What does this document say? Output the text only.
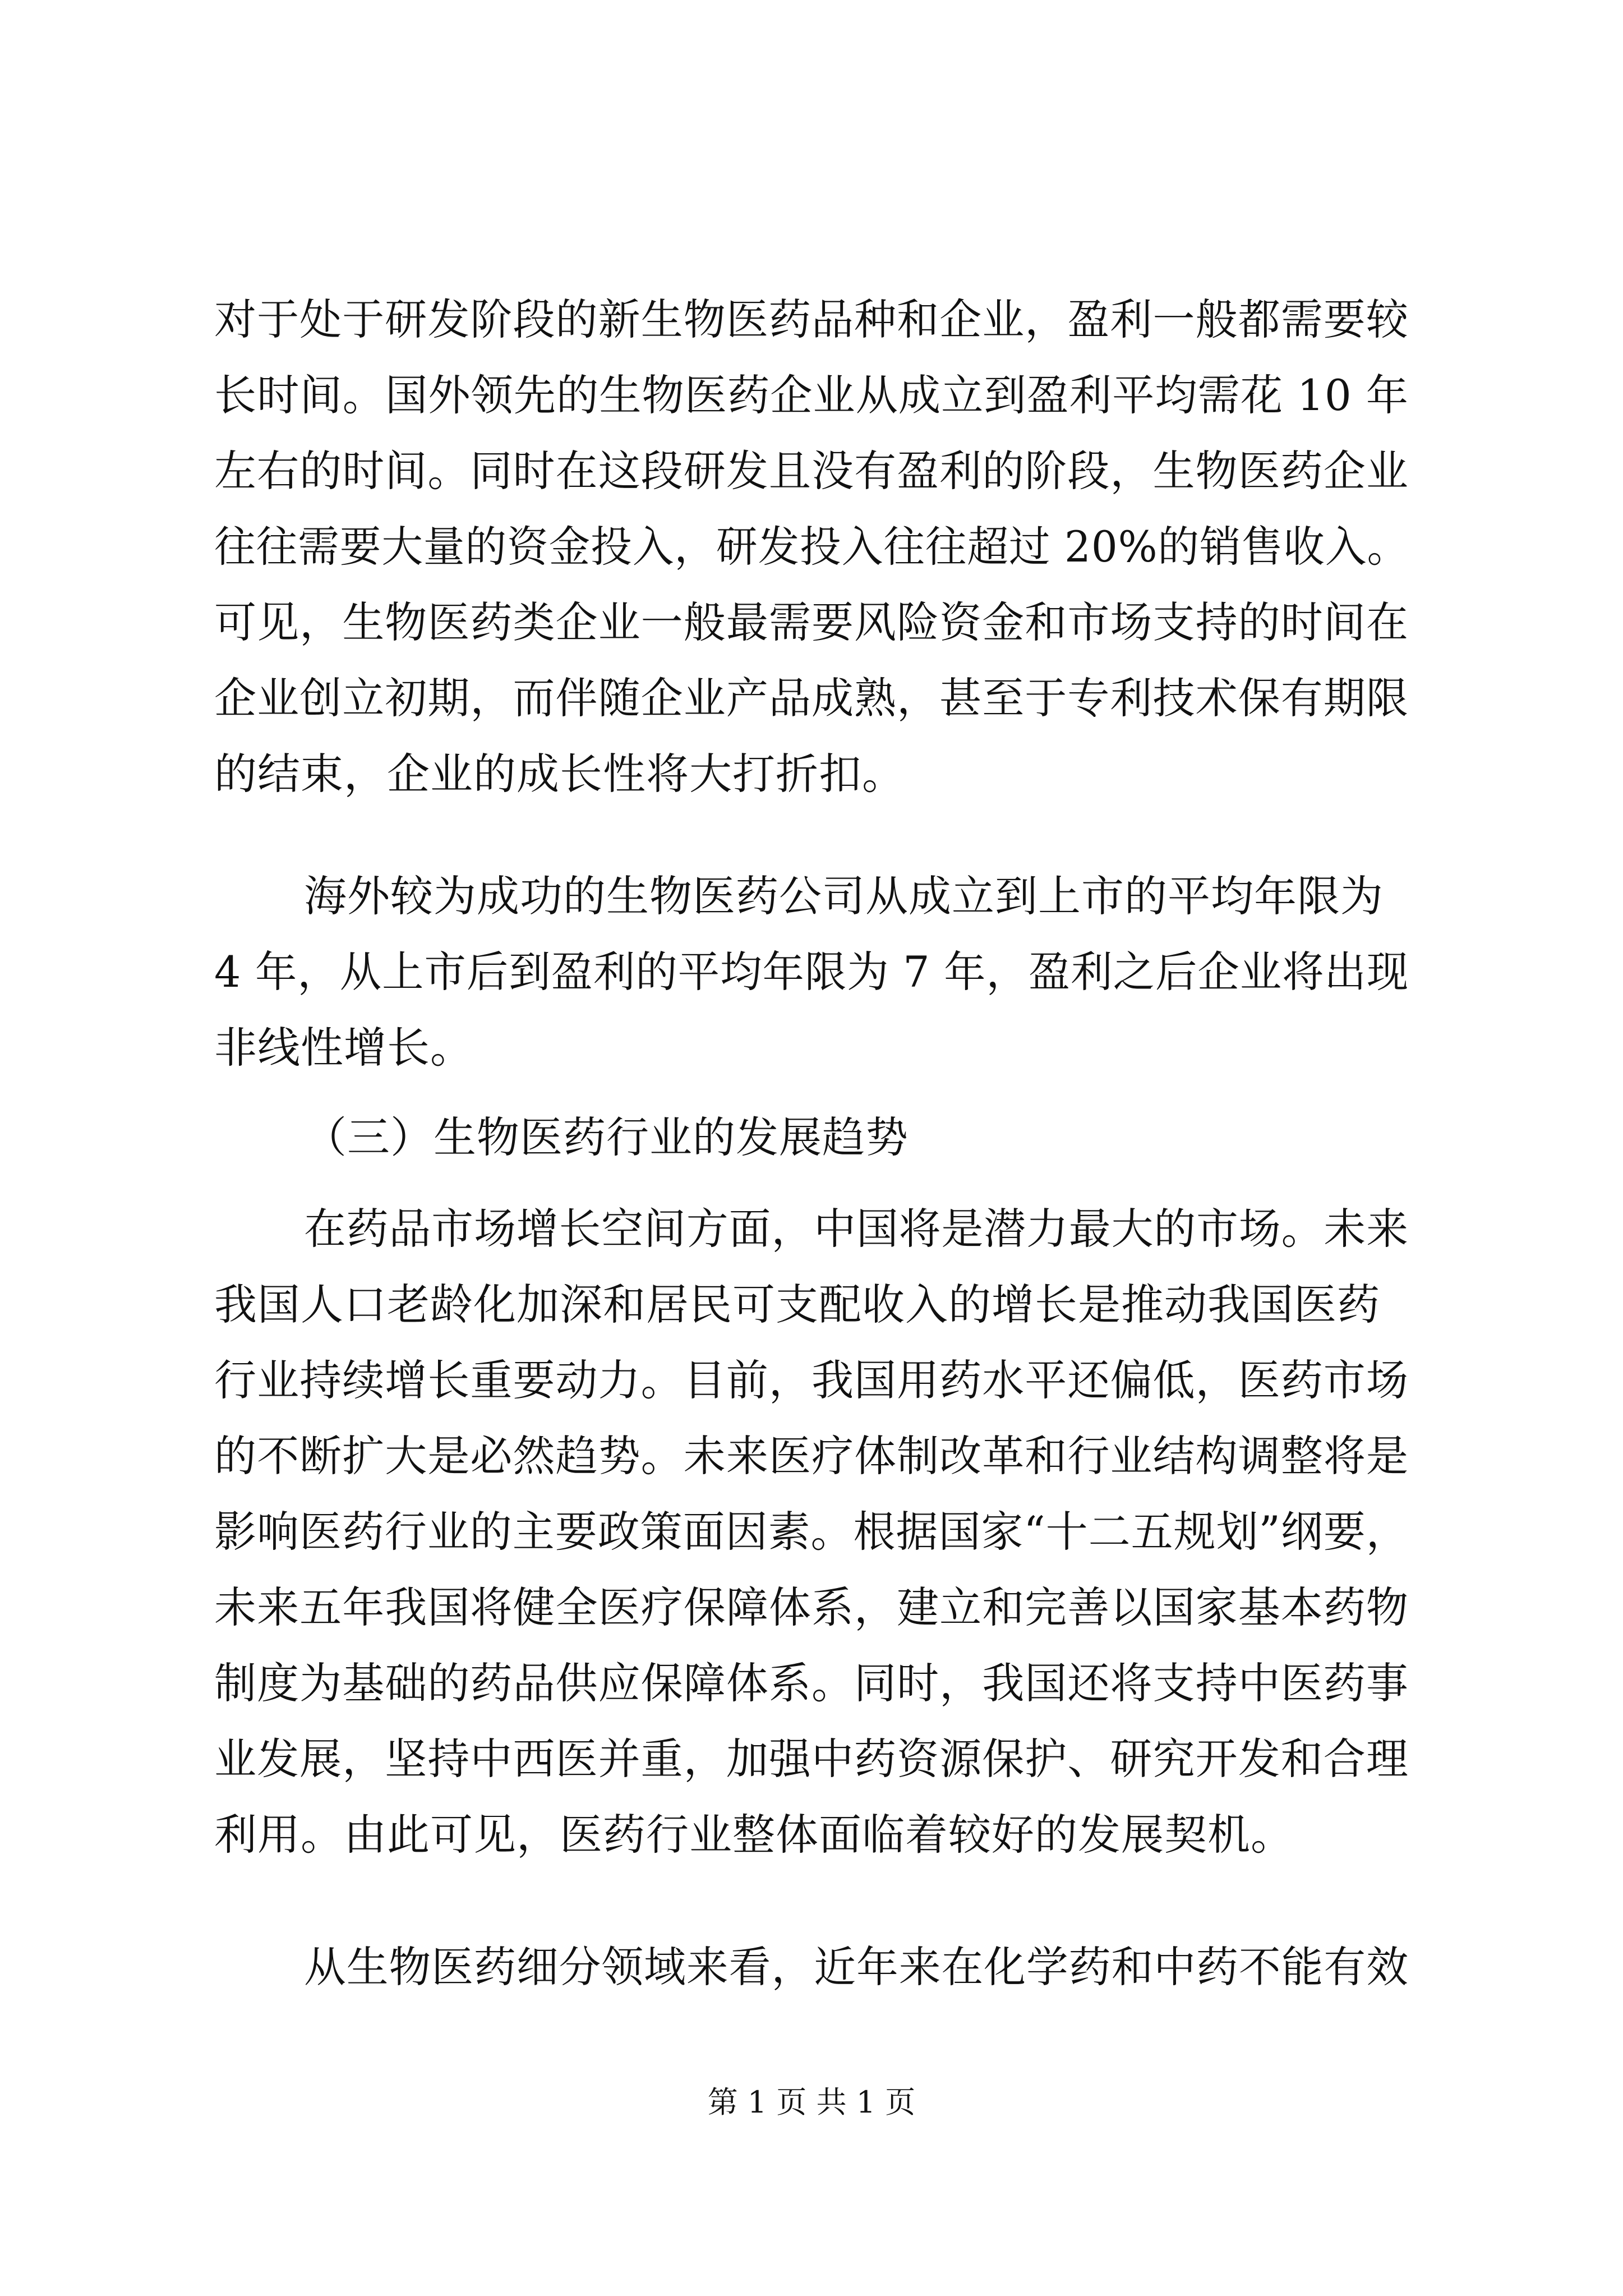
对于处于研发阶段的新生物医药品种和企业，盈利一般都需要较
长时间。国外领先的生物医药企业从成立到盈利平均需花 10 年
左右的时间。同时在这段研发且没有盈利的阶段，生物医药企业
往往需要大量的资金投入，研发投入往往超过 20%的销售收入。
可见，生物医药类企业一般最需要风险资金和市场支持的时间在
企业创立初期，而伴随企业产品成熟，甚至于专利技术保有期限
的结束，企业的成长性将大打折扣。
海外较为成功的生物医药公司从成立到上市的平均年限为
4 年，从上市后到盈利的平均年限为 7 年，盈利之后企业将出现
非线性增长。
（三）生物医药行业的发展趋势
在药品市场增长空间方面，中国将是潜力最大的市场。未来
我国人口老龄化加深和居民可支配收入的增长是推动我国医药
行业持续增长重要动力。目前，我国用药水平还偏低，医药市场
的不断扩大是必然趋势。未来医疗体制改革和行业结构调整将是
影响医药行业的主要政策面因素。根据国家“十二五规划”纲要，
未来五年我国将健全医疗保障体系，建立和完善以国家基本药物
制度为基础的药品供应保障体系。同时，我国还将支持中医药事
业发展，坚持中西医并重，加强中药资源保护、研究开发和合理
利用。由此可见，医药行业整体面临着较好的发展契机。
从生物医药细分领域来看，近年来在化学药和中药不能有效
第 1 页 共 1 页
